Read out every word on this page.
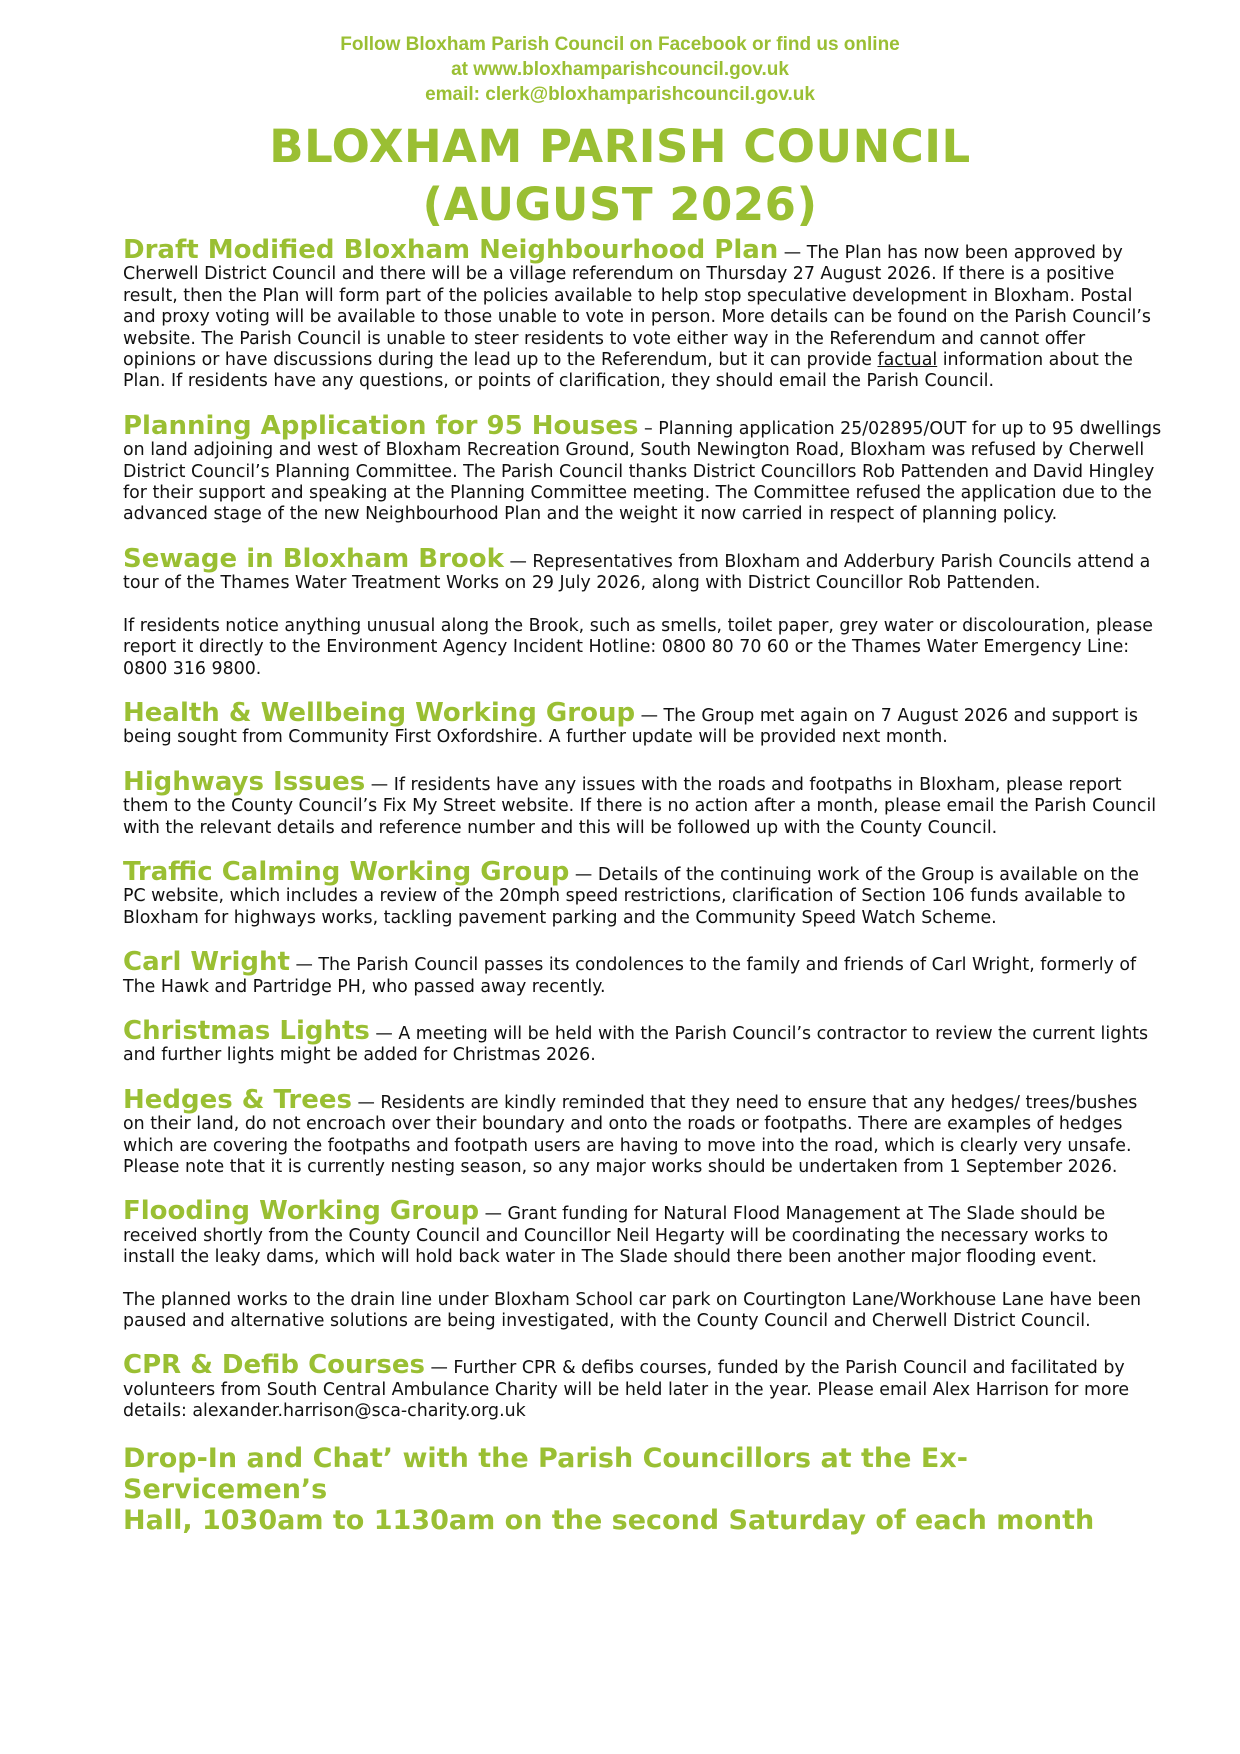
Follow Bloxham Parish Council on Facebook or find us online
at www.bloxhamparishcouncil.gov.uk
email: clerk@bloxhamparishcouncil.gov.uk
BLOXHAM PARISH COUNCIL
(AUGUST 2026)
Draft Modified Bloxham Neighbourhood Plan — The Plan has now been approved by Cherwell District Council and there will be a village referendum on Thursday 27 August 2026. If there is a positive result, then the Plan will form part of the policies available to help stop speculative development in Bloxham. Postal and proxy voting will be available to those unable to vote in person. More details can be found on the Parish Council’s website. The Parish Council is unable to steer residents to vote either way in the Referendum and cannot offer opinions or have discussions during the lead up to the Referendum, but it can provide factual information about the Plan. If residents have any questions, or points of clarification, they should email the Parish Council.
Planning Application for 95 Houses – Planning application 25/02895/OUT for up to 95 dwellings on land adjoining and west of Bloxham Recreation Ground, South Newington Road, Bloxham was refused by Cherwell District Council’s Planning Committee. The Parish Council thanks District Councillors Rob Pattenden and David Hingley for their support and speaking at the Planning Committee meeting. The Committee refused the application due to the advanced stage of the new Neighbourhood Plan and the weight it now carried in respect of planning policy.
Sewage in Bloxham Brook — Representatives from Bloxham and Adderbury Parish Councils attend a tour of the Thames Water Treatment Works on 29 July 2026, along with District Councillor Rob Pattenden.
If residents notice anything unusual along the Brook, such as smells, toilet paper, grey water or discolouration, please report it directly to the Environment Agency Incident Hotline: 0800 80 70 60 or the Thames Water Emergency Line: 0800 316 9800.
Health & Wellbeing Working Group — The Group met again on 7 August 2026 and support is being sought from Community First Oxfordshire. A further update will be provided next month.
Highways Issues — If residents have any issues with the roads and footpaths in Bloxham, please report them to the County Council’s Fix My Street website. If there is no action after a month, please email the Parish Council with the relevant details and reference number and this will be followed up with the County Council.
Traffic Calming Working Group — Details of the continuing work of the Group is available on the PC website, which includes a review of the 20mph speed restrictions, clarification of Section 106 funds available to Bloxham for highways works, tackling pavement parking and the Community Speed Watch Scheme.
Carl Wright — The Parish Council passes its condolences to the family and friends of Carl Wright, formerly of The Hawk and Partridge PH, who passed away recently.
Christmas Lights — A meeting will be held with the Parish Council’s contractor to review the current lights and further lights might be added for Christmas 2026.
Hedges & Trees — Residents are kindly reminded that they need to ensure that any hedges/ trees/bushes on their land, do not encroach over their boundary and onto the roads or footpaths. There are examples of hedges which are covering the footpaths and footpath users are having to move into the road, which is clearly very unsafe. Please note that it is currently nesting season, so any major works should be undertaken from 1 September 2026.
Flooding Working Group — Grant funding for Natural Flood Management at The Slade should be received shortly from the County Council and Councillor Neil Hegarty will be coordinating the necessary works to install the leaky dams, which will hold back water in The Slade should there been another major flooding event.
The planned works to the drain line under Bloxham School car park on Courtington Lane/Workhouse Lane have been paused and alternative solutions are being investigated, with the County Council and Cherwell District Council.
CPR & Defib Courses — Further CPR & defibs courses, funded by the Parish Council and facilitated by volunteers from South Central Ambulance Charity will be held later in the year. Please email Alex Harrison for more details: alexander.harrison@sca-charity.org.uk
Drop-In and Chat’ with the Parish Councillors at the Ex-Servicemen’s
Hall, 1030am to 1130am on the second Saturday of each month
